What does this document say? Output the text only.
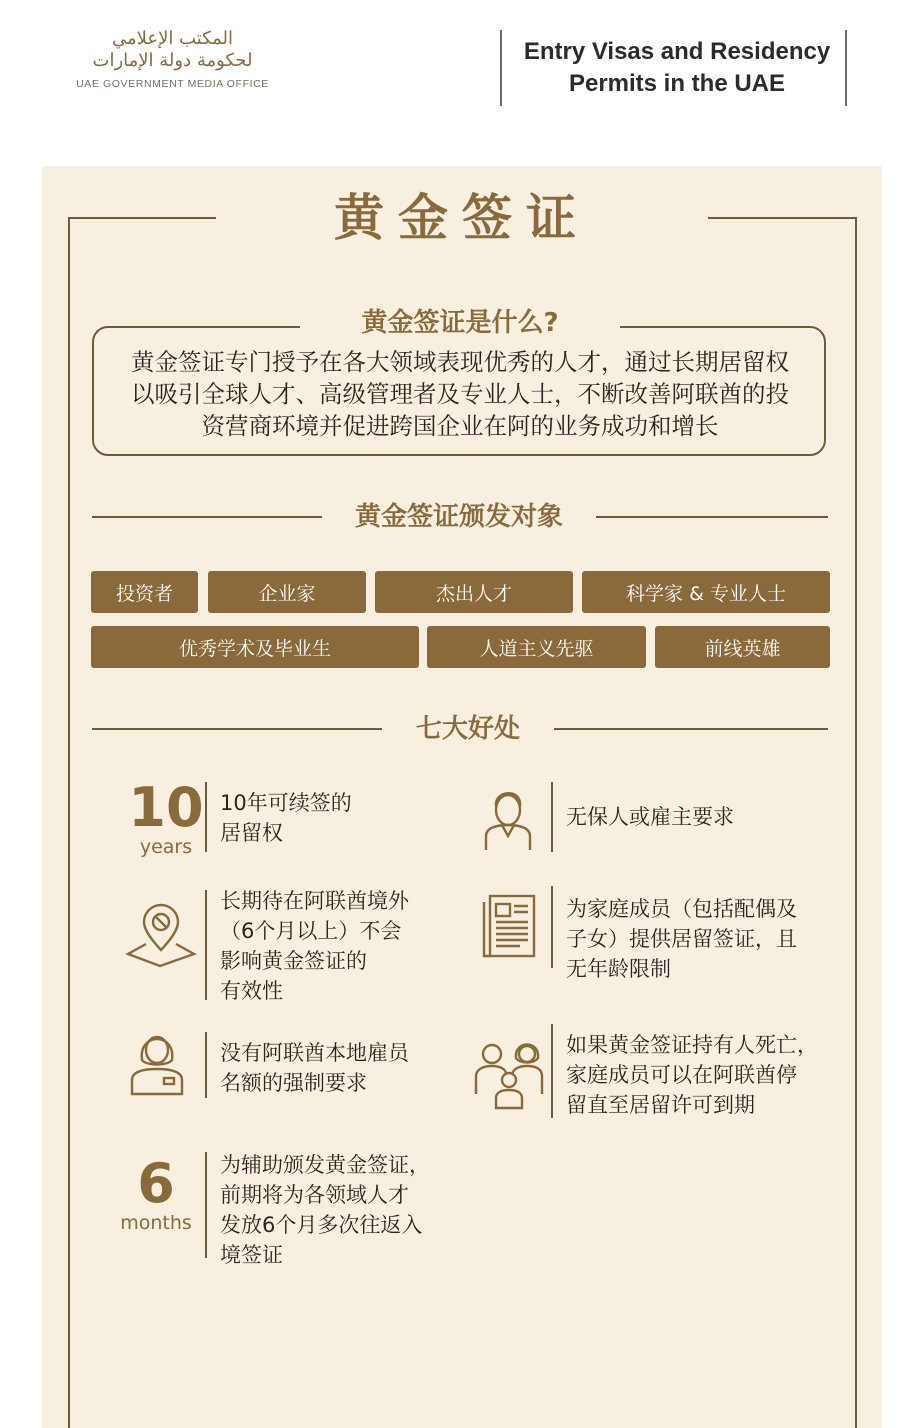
المكتب الإعلامي
لحكومة دولة الإمارات
UAE GOVERNMENT MEDIA OFFICE
Entry Visas and Residency
Permits in the UAE
黄金签证
黄金签证是什么?
黄金签证专门授予在各大领域表现优秀的人才，通过长期居留权
以吸引全球人才、高级管理者及专业人士，不断改善阿联酋的投
资营商环境并促进跨国企业在阿的业务成功和增长
黄金签证颁发对象
投资者	企业家	杰出人才	科学家 & 专业人士
优秀学术及毕业生	人道主义先驱	前线英雄
七大好处
10
years
10年可续签的
居留权
无保人或雇主要求
长期待在阿联酋境外
（6个月以上）不会
影响黄金签证的
有效性
为家庭成员（包括配偶及
子女）提供居留签证，且
无年龄限制
没有阿联酋本地雇员
名额的强制要求
如果黄金签证持有人死亡，
家庭成员可以在阿联酋停
留直至居留许可到期
6
months
为辅助颁发黄金签证，
前期将为各领域人才
发放6个月多次往返入
境签证
